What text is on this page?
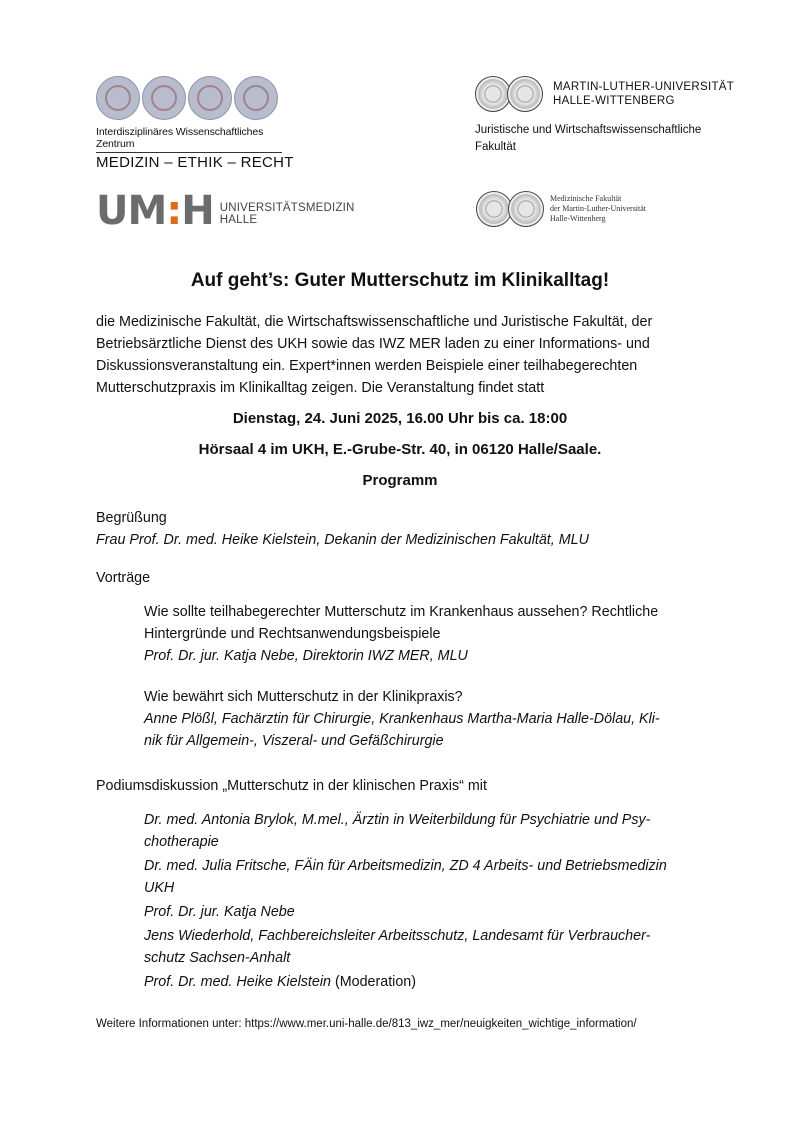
Interdisziplinäres Wissenschaftliches Zentrum
MEDIZIN – ETHIK – RECHT
MARTIN-LUTHER-UNIVERSITÄT
HALLE-WITTENBERG
Juristische und Wirtschaftswissenschaftliche
Fakultät
UM:H UNIVERSITÄTSMEDIZIN
HALLE
Medizinische Fakultät
der Martin-Luther-Universität
Halle-Wittenberg
Auf geht’s: Guter Mutterschutz im Klinikalltag!
die Medizinische Fakultät, die Wirtschaftswissenschaftliche und Juristische Fakultät, der Betriebsärztliche Dienst des UKH sowie das IWZ MER laden zu einer Informations- und Diskussionsveranstaltung ein. Expert*innen werden Beispiele einer teilhabegerechten Mutterschutzpraxis im Klinikalltag zeigen. Die Veranstaltung findet statt
Dienstag, 24. Juni 2025, 16.00 Uhr bis ca. 18:00
Hörsaal 4 im UKH, E.-Grube-Str. 40, in 06120 Halle/Saale.
Programm
Begrüßung
Frau Prof. Dr. med. Heike Kielstein, Dekanin der Medizinischen Fakultät, MLU
Vorträge
Wie sollte teilhabegerechter Mutterschutz im Krankenhaus aussehen? Rechtliche
Hintergründe und Rechtsanwendungsbeispiele
Prof. Dr. jur. Katja Nebe, Direktorin IWZ MER, MLU
Wie bewährt sich Mutterschutz in der Klinikpraxis?
Anne Plößl, Fachärztin für Chirurgie, Krankenhaus Martha-Maria Halle-Dölau, Kli-
nik für Allgemein-, Viszeral- und Gefäßchirurgie
Podiumsdiskussion „Mutterschutz in der klinischen Praxis“ mit
Dr. med. Antonia Brylok, M.mel., Ärztin in Weiterbildung für Psychiatrie und Psy-
chotherapie
Dr. med. Julia Fritsche, FÄin für Arbeitsmedizin, ZD 4 Arbeits- und Betriebsmedizin
UKH
Prof. Dr. jur. Katja Nebe
Jens Wiederhold, Fachbereichsleiter Arbeitsschutz, Landesamt für Verbraucher-
schutz Sachsen-Anhalt
Prof. Dr. med. Heike Kielstein (Moderation)
Weitere Informationen unter: https://www.mer.uni-halle.de/813_iwz_mer/neuigkeiten_wichtige_information/
